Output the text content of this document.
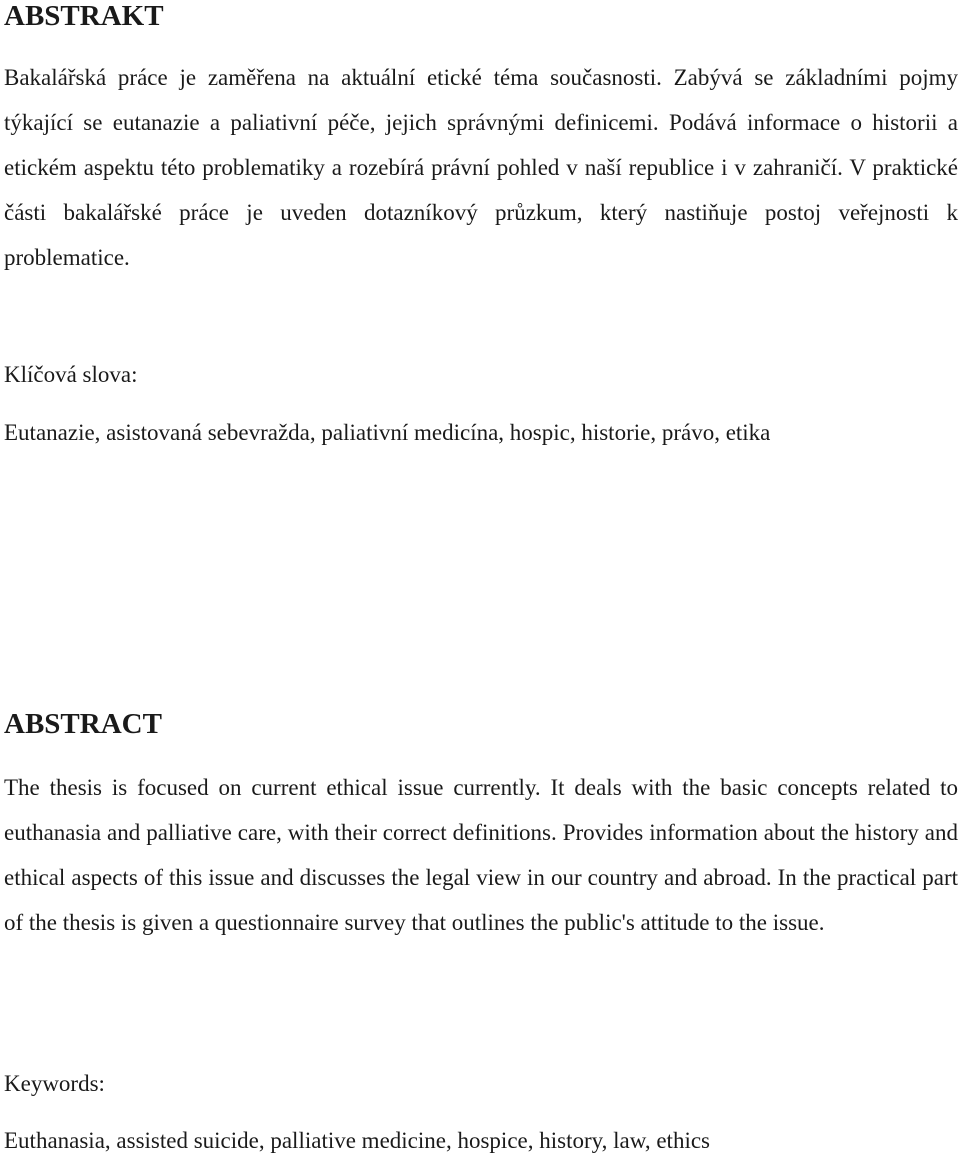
ABSTRAKT

Bakalářská práce je zaměřena na aktuální etické téma současnosti. Zabývá se základními pojmy týkající se eutanazie a paliativní péče, jejich správnými definicemi. Podává informace o historii a etickém aspektu této problematiky a rozebírá právní pohled v naší republice i v zahraničí. V praktické části bakalářské práce je uveden dotazníkový průzkum, který nastiňuje postoj veřejnosti k problematice.

Klíčová slova:

Eutanazie, asistovaná sebevražda, paliativní medicína, hospic, historie, právo, etika

ABSTRACT

The thesis is focused on current ethical issue currently. It deals with the basic concepts related to euthanasia and palliative care, with their correct definitions. Provides information about the history and ethical aspects of this issue and discusses the legal view in our country and abroad. In the practical part of the thesis is given a questionnaire survey that outlines the public's attitude to the issue.

Keywords:

Euthanasia, assisted suicide, palliative medicine, hospice, history, law, ethics
